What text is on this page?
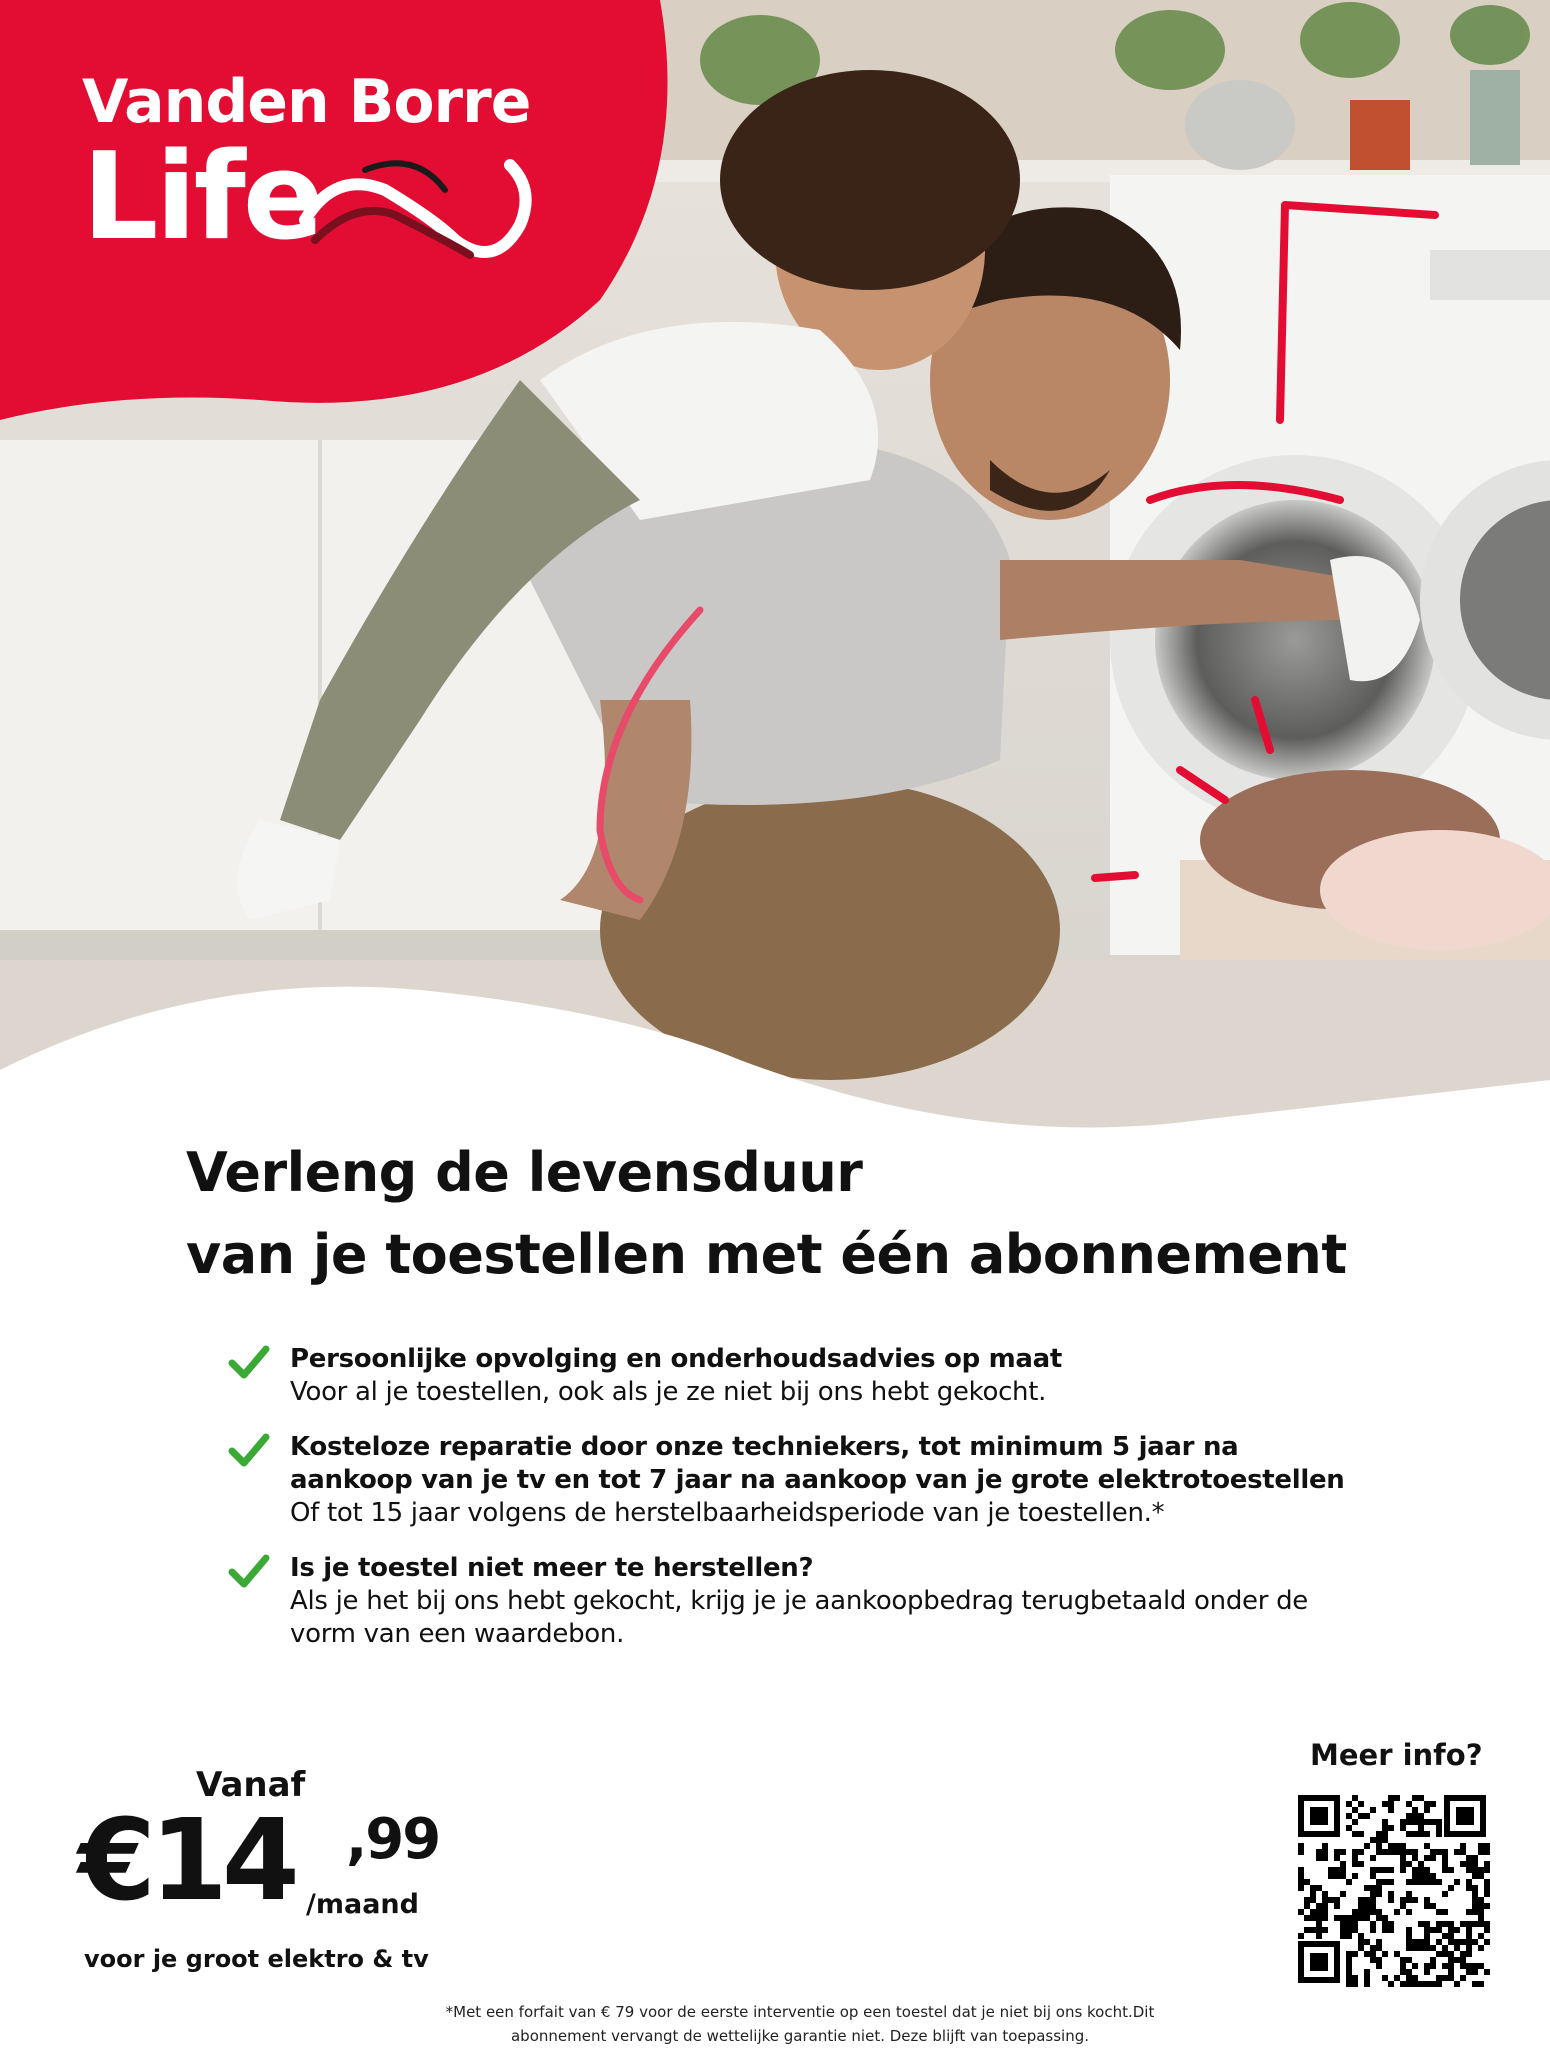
Vanden Borre
Life
Verleng de levensduur
van je toestellen met één abonnement
Persoonlijke opvolging en onderhoudsadvies op maat
Voor al je toestellen, ook als je ze niet bij ons hebt gekocht.
Kosteloze reparatie door onze techniekers, tot minimum 5 jaar na aankoop van je tv en tot 7 jaar na aankoop van je grote elektrotoestellen
Of tot 15 jaar volgens de herstelbaarheidsperiode van je toestellen.*
Is je toestel niet meer te herstellen?
Als je het bij ons hebt gekocht, krijg je je aankoopbedrag terugbetaald onder de vorm van een waardebon.
Vanaf
€14 ,99
/maand
voor je groot elektro & tv
Meer info?
*Met een forfait van € 79 voor de eerste interventie op een toestel dat je niet bij ons kocht.Dit abonnement vervangt de wettelijke garantie niet. Deze blijft van toepassing.
